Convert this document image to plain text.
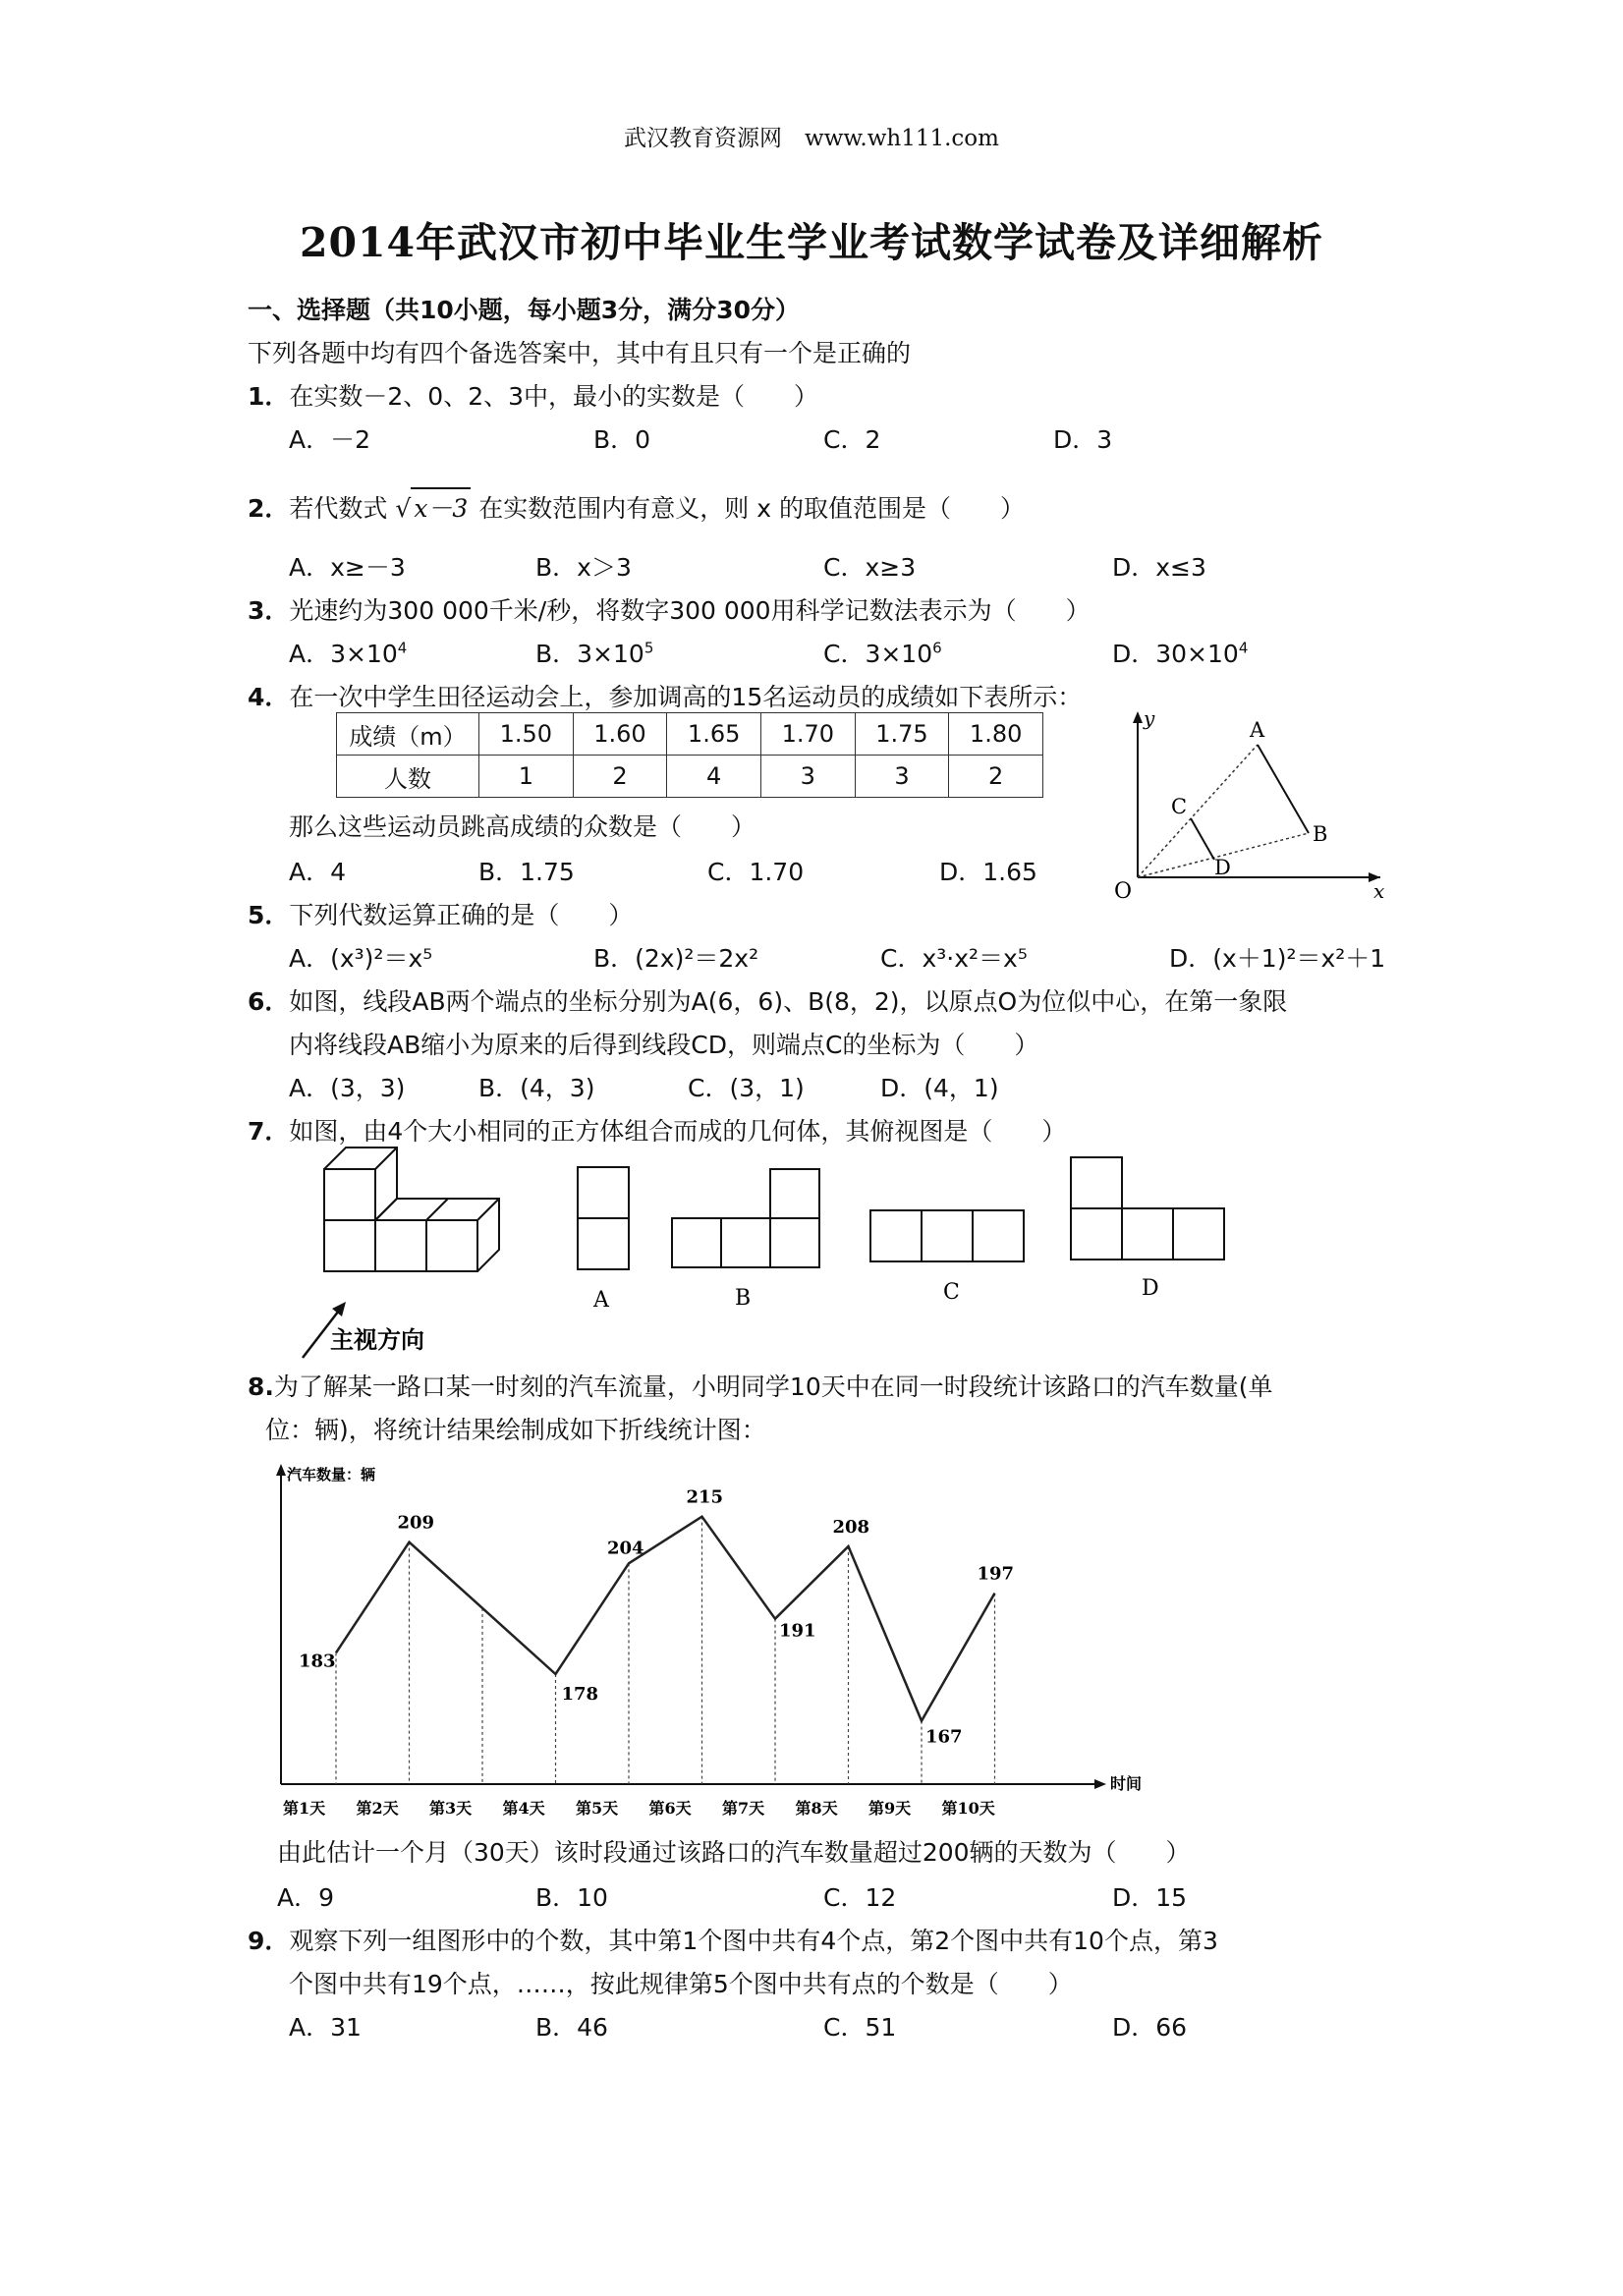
武汉教育资源网　www.wh111.com
2014年武汉市初中毕业生学业考试数学试卷及详细解析
一、选择题（共10小题，每小题3分，满分30分）
下列各题中均有四个备选答案中，其中有且只有一个是正确的
1．在实数－2、0、2、3中，最小的实数是（　　）
A．－2	B．0	C．2	D．3
2．若代数式 √ x－3 在实数范围内有意义，则 x 的取值范围是（　　）
A．x≥－3	B．x＞3	C．x≥3	D．x≤3
3．光速约为300 000千米/秒，将数字300 000用科学记数法表示为（　　）
A．$3\times 10^4$	B．$3\times 10^5$	C．$3\times 10^6$	D．$30\times 10^4$
4．在一次中学生田径运动会上，参加调高的15名运动员的成绩如下表所示：
成绩（m）	1.50	1.60	1.65	1.70	1.75	1.80
人数	1	2	4	3	3	2
那么这些运动员跳高成绩的众数是（　　）
A．4	B．1.75	C．1.70	D．1.65
y
x
O
A
B
C
D
5．下列代数运算正确的是（　　）
A．(x³)²＝x⁵	B．(2x)²＝2x²	C．x³·x²＝x⁵	D．(x＋1)²＝x²＋1
6．如图，线段AB两个端点的坐标分别为A(6，6)、B(8，2)，以原点O为位似中心，在第一象限
内将线段AB缩小为原来的后得到线段CD，则端点C的坐标为（　　）
A．(3，3)	B．(4，3)	C．(3，1)	D．(4，1)
7．如图，由4个大小相同的正方体组合而成的几何体，其俯视图是（　　）
主视方向
A	B	C	D
8.为了解某一路口某一时刻的汽车流量，小明同学10天中在同一时段统计该路口的汽车数量(单
位：辆)，将统计结果绘制成如下折线统计图：
汽车数量：辆
时间
183
209
178
204
215
191
208
167
197
第1天 第2天 第3天 第4天 第5天 第6天 第7天 第8天 第9天 第10天
由此估计一个月（30天）该时段通过该路口的汽车数量超过200辆的天数为（　　）
A．9	B．10	C．12	D．15
9．观察下列一组图形中的个数，其中第1个图中共有4个点，第2个图中共有10个点，第3
个图中共有19个点，……，按此规律第5个图中共有点的个数是（　　）
A．31	B．46	C．51	D．66
